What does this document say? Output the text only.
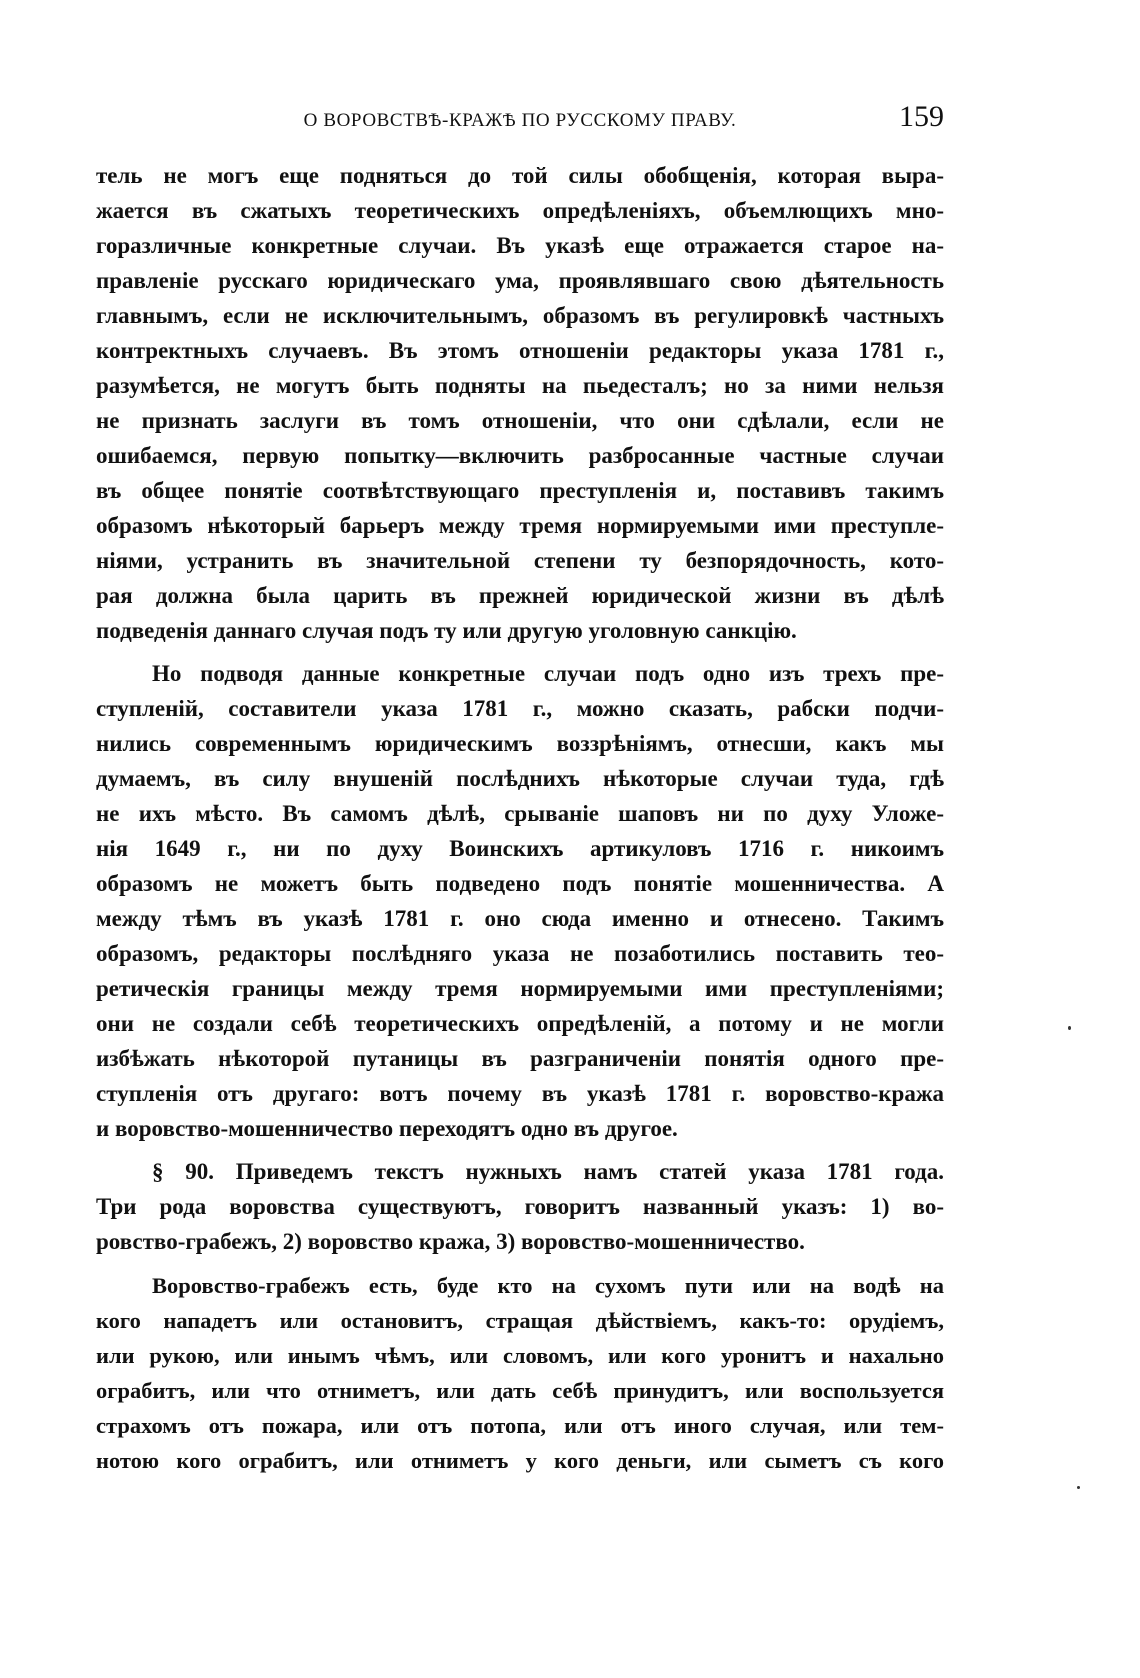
О ВОРОВСТВѢ-КРАЖѢ ПО РУССКОМУ ПРАВУ.	159
тель не могъ еще подняться до той силы обобщенія, которая выра-
жается въ сжатыхъ теоретическихъ опредѣленіяхъ, объемлющихъ мно-
горазличные конкретные случаи. Въ указѣ еще отражается старое на-
правленіе русскаго юридическаго ума, проявлявшаго свою дѣятельность
главнымъ, если не исключительнымъ, образомъ въ регулировкѣ частныхъ
контректныхъ случаевъ. Въ этомъ отношеніи редакторы указа 1781 г.,
разумѣется, не могутъ быть подняты на пьедесталъ; но за ними нельзя
не признать заслуги въ томъ отношеніи, что они сдѣлали, если не
ошибаемся, первую попытку—включить разбросанные частные случаи
въ общее понятіе соотвѣтствующаго преступленія и, поставивъ такимъ
образомъ нѣкоторый барьеръ между тремя нормируемыми ими преступле-
ніями, устранить въ значительной степени ту безпорядочность, кото-
рая должна была царить въ прежней юридической жизни въ дѣлѣ
подведенія даннаго случая подъ ту или другую уголовную санкцію.
Но подводя данные конкретные случаи подъ одно изъ трехъ пре-
ступленій, составители указа 1781 г., можно сказать, рабски подчи-
нились современнымъ юридическимъ воззрѣніямъ, отнесши, какъ мы
думаемъ, въ силу внушеній послѣднихъ нѣкоторые случаи туда, гдѣ
не ихъ мѣсто. Въ самомъ дѣлѣ, срываніе шаповъ ни по духу Уложе-
нія 1649 г., ни по духу Воинскихъ артикуловъ 1716 г. никоимъ
образомъ не можетъ быть подведено подъ понятіе мошенничества. А
между тѣмъ въ указѣ 1781 г. оно сюда именно и отнесено. Такимъ
образомъ, редакторы послѣдняго указа не позаботились поставить тео-
ретическія границы между тремя нормируемыми ими преступленіями;
они не создали себѣ теоретическихъ опредѣленій, а потому и не могли
избѣжать нѣкоторой путаницы въ разграниченіи понятія одного пре-
ступленія отъ другаго: вотъ почему въ указѣ 1781 г. воровство-кража
и воровство-мошенничество переходятъ одно въ другое.
§ 90. Приведемъ текстъ нужныхъ намъ статей указа 1781 года.
Три рода воровства существуютъ, говоритъ названный указъ: 1) во-
ровство-грабежъ, 2) воровство кража, 3) воровство-мошенничество.
Воровство-грабежъ есть, буде кто на сухомъ пути или на водѣ на
кого нападетъ или остановитъ, стращая дѣйствіемъ, какъ-то: орудіемъ,
или рукою, или инымъ чѣмъ, или словомъ, или кого уронитъ и нахально
ограбитъ, или что отниметъ, или дать себѣ принудитъ, или воспользуется
страхомъ отъ пожара, или отъ потопа, или отъ иного случая, или тем-
нотою кого ограбитъ, или отниметъ у кого деньги, или сыметъ съ кого
